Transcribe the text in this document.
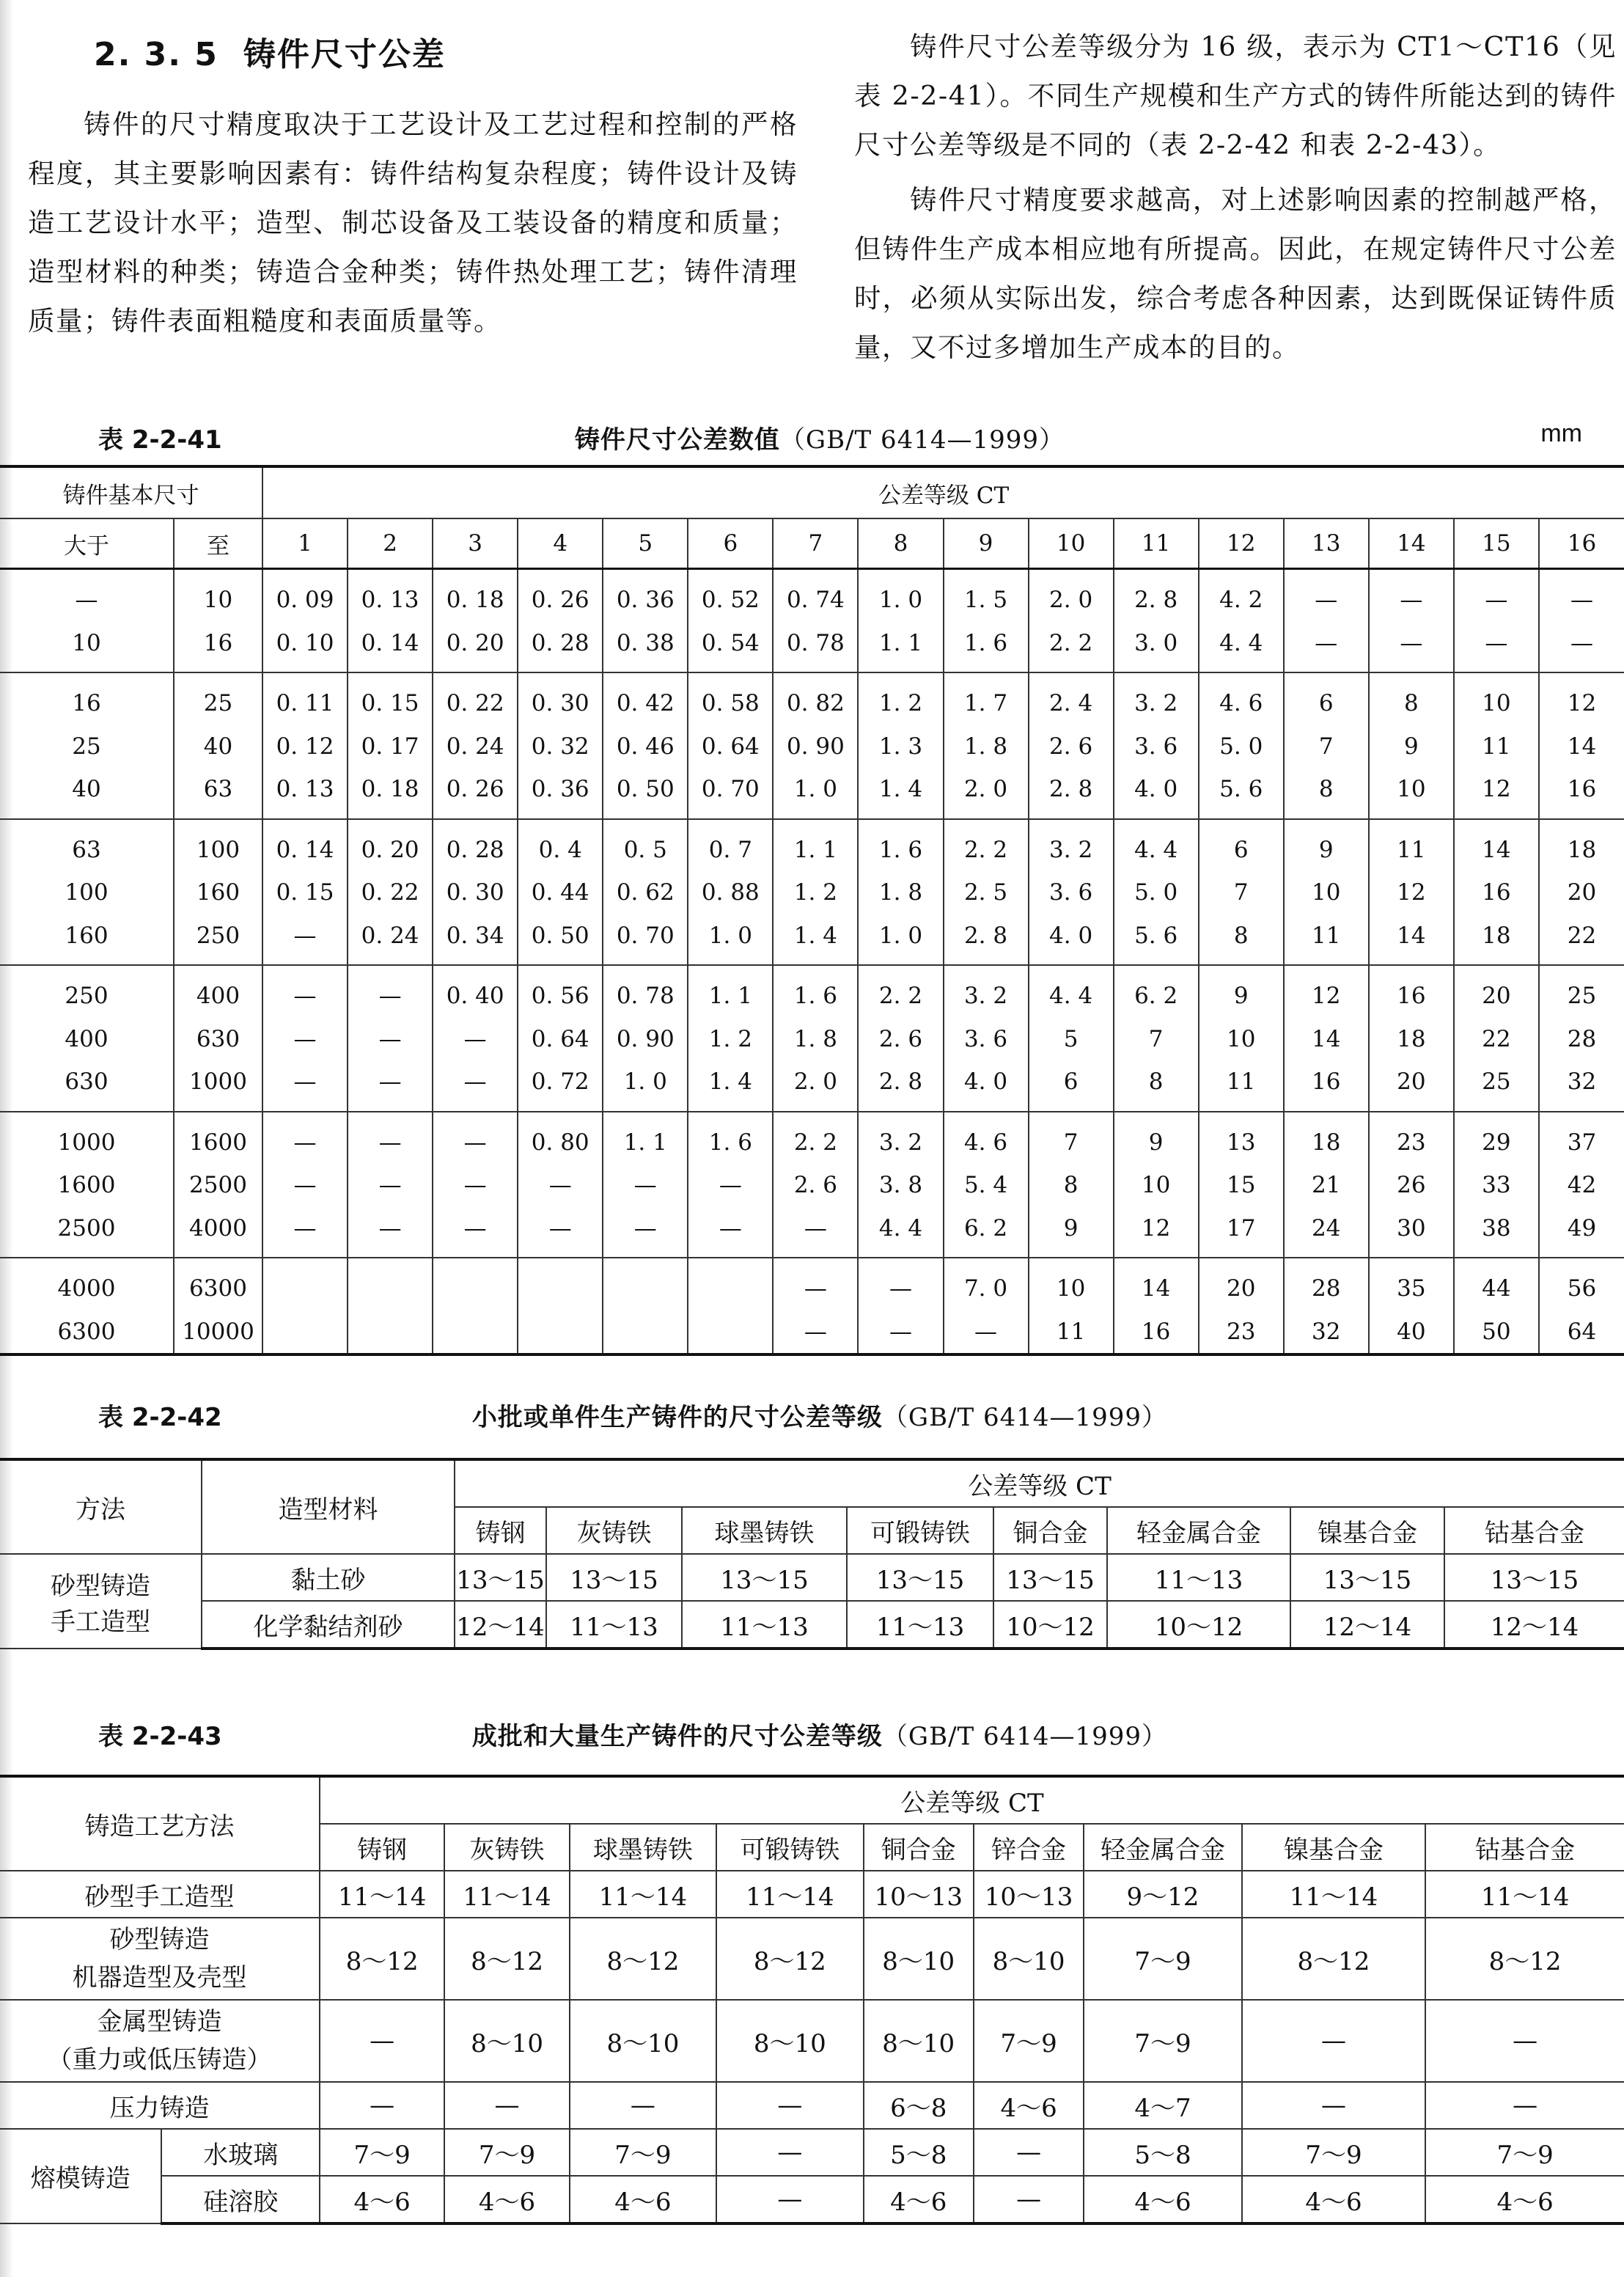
2. 3. 5 铸件尺寸公差

铸件的尺寸精度取决于工艺设计及工艺过程和控制的严格程度，其主要影响因素有：铸件结构复杂程度；铸件设计及铸造工艺设计水平；造型、制芯设备及工装设备的精度和质量；造型材料的种类；铸造合金种类；铸件热处理工艺；铸件清理质量；铸件表面粗糙度和表面质量等。

铸件尺寸公差等级分为 16 级，表示为 CT1～CT16（见表 2-2-41）。不同生产规模和生产方式的铸件所能达到的铸件尺寸公差等级是不同的（表 2-2-42 和表 2-2-43）。

铸件尺寸精度要求越高，对上述影响因素的控制越严格，但铸件生产成本相应地有所提高。因此，在规定铸件尺寸公差时，必须从实际出发，综合考虑各种因素，达到既保证铸件质量，又不过多增加生产成本的目的。

表 2-2-41	铸件尺寸公差数值（GB/T 6414—1999）	mm
铸件基本尺寸		公差等级 CT															
大于	至	1	2	3	4	5	6	7	8	9	10	11	12	13	14	15	16
—	10	0. 09	0. 13	0. 18	0. 26	0. 36	0. 52	0. 74	1. 0	1. 5	2. 0	2. 8	4. 2	—	—	—	—
10	16	0. 10	0. 14	0. 20	0. 28	0. 38	0. 54	0. 78	1. 1	1. 6	2. 2	3. 0	4. 4	—	—	—	—
16	25	0. 11	0. 15	0. 22	0. 30	0. 42	0. 58	0. 82	1. 2	1. 7	2. 4	3. 2	4. 6	6	8	10	12
25	40	0. 12	0. 17	0. 24	0. 32	0. 46	0. 64	0. 90	1. 3	1. 8	2. 6	3. 6	5. 0	7	9	11	14
40	63	0. 13	0. 18	0. 26	0. 36	0. 50	0. 70	1. 0	1. 4	2. 0	2. 8	4. 0	5. 6	8	10	12	16
63	100	0. 14	0. 20	0. 28	0. 4	0. 5	0. 7	1. 1	1. 6	2. 2	3. 2	4. 4	6	9	11	14	18
100	160	0. 15	0. 22	0. 30	0. 44	0. 62	0. 88	1. 2	1. 8	2. 5	3. 6	5. 0	7	10	12	16	20
160	250	—	0. 24	0. 34	0. 50	0. 70	1. 0	1. 4	1. 0	2. 8	4. 0	5. 6	8	11	14	18	22
250	400	—	—	0. 40	0. 56	0. 78	1. 1	1. 6	2. 2	3. 2	4. 4	6. 2	9	12	16	20	25
400	630	—	—	—	0. 64	0. 90	1. 2	1. 8	2. 6	3. 6	5	7	10	14	18	22	28
630	1000	—	—	—	0. 72	1. 0	1. 4	2. 0	2. 8	4. 0	6	8	11	16	20	25	32
1000	1600	—	—	—	0. 80	1. 1	1. 6	2. 2	3. 2	4. 6	7	9	13	18	23	29	37
1600	2500	—	—	—	—	—	—	2. 6	3. 8	5. 4	8	10	15	21	26	33	42
2500	4000	—	—	—	—	—	—	—	4. 4	6. 2	9	12	17	24	30	38	49
4000	6300							—	—	7. 0	10	14	20	28	35	44	56
6300	10000							—	—	—	11	16	23	32	40	50	64
表 2-2-42	小批或单件生产铸件的尺寸公差等级（GB/T 6414—1999）
方法	造型材料	公差等级 CT							
		铸钢	灰铸铁	球墨铸铁	可锻铸铁	铜合金	轻金属合金	镍基合金	钴基合金

砂型铸造
手工造型	黏土砂	13～15	13～15	13～15	13～15	13～15	11～13	13～15	13～15
	化学黏结剂砂	12～14	11～13	11～13	11～13	10～12	10～12	12～14	12～14
表 2-2-43	成批和大量生产铸件的尺寸公差等级（GB/T 6414—1999）
铸造工艺方法		公差等级 CT								
		铸钢	灰铸铁	球墨铸铁	可锻铸铁	铜合金	锌合金	轻金属合金	镍基合金	钴基合金

砂型手工造型		11～14	11～14	11～14	11～14	10～13	10～13	9～12	11～14	11～14

砂型铸造
机器造型及壳型		8～12	8～12	8～12	8～12	8～10	8～10	7～9	8～12	8～12

金属型铸造
（重力或低压铸造）		—	8～10	8～10	8～10	8～10	7～9	7～9	—	—

压力铸造		—	—	—	—	6～8	4～6	4～7	—	—
熔模铸造	水玻璃	7～9	7～9	7～9	—	5～8	—	5～8	7～9	7～9
	硅溶胶	4～6	4～6	4～6	—	4～6	—	4～6	4～6	4～6
